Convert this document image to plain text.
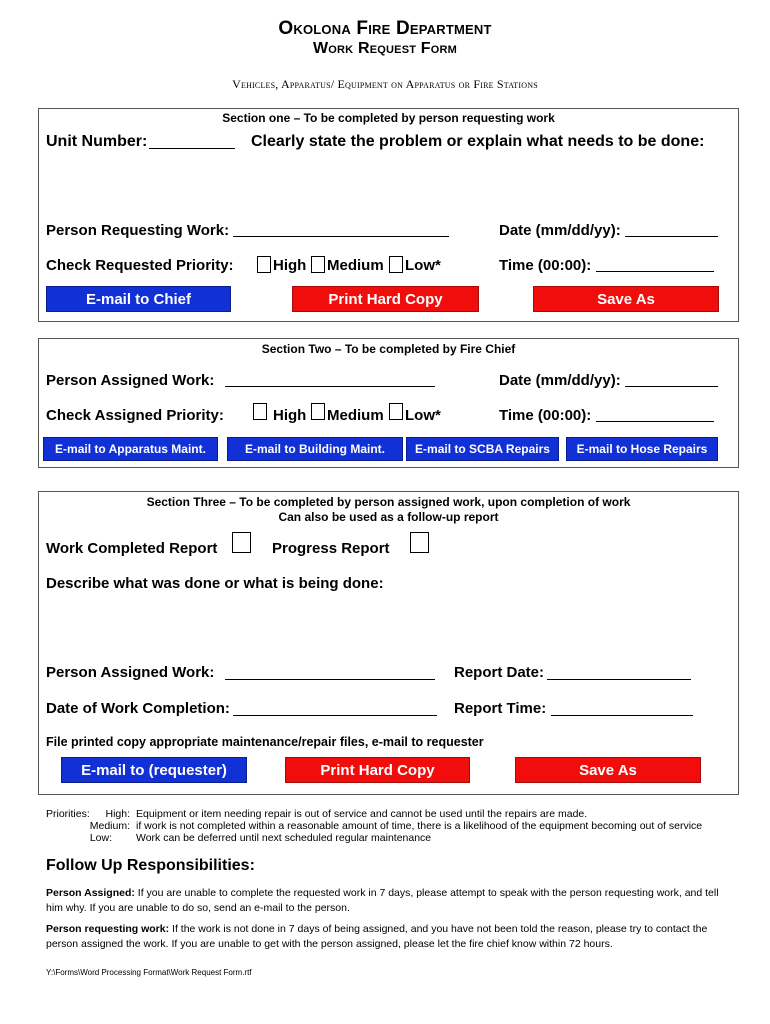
Okolona Fire Department
Work Request Form
Vehicles, Apparatus/ Equipment on Apparatus or Fire Stations
Section one – To be completed by person requesting work
Unit Number:	Clearly state the problem or explain what needs to be done:
Person Requesting Work:	Date (mm/dd/yy):
Check Requested Priority:	High Medium Low*	Time (00:00):
E-mail to Chief	Print Hard Copy	Save As
Section Two – To be completed by Fire Chief
Person Assigned Work:	Date (mm/dd/yy):
Check Assigned Priority:	High Medium Low*	Time (00:00):
E-mail to Apparatus Maint.	E-mail to Building Maint.	E-mail to SCBA Repairs	E-mail to Hose Repairs
Section Three – To be completed by person assigned work, upon completion of work
Can also be used as a follow-up report
Work Completed Report	Progress Report
Describe what was done or what is being done:
Person Assigned Work:	Report Date:
Date of Work Completion:	Report Time:
File printed copy appropriate maintenance/repair files, e-mail to requester
E-mail to (requester)	Print Hard Copy	Save As
Priorities:	High: Equipment or item needing repair is out of service and cannot be used until the repairs are made.
Medium: if work is not completed within a reasonable amount of time, there is a likelihood of the equipment becoming out of service
Low: Work can be deferred until next scheduled regular maintenance
Follow Up Responsibilities:
Person Assigned: If you are unable to complete the requested work in 7 days, please attempt to speak with the person requesting work, and tell him why. If you are unable to do so, send an e-mail to the person.
Person requesting work: If the work is not done in 7 days of being assigned, and you have not been told the reason, please try to contact the person assigned the work. If you are unable to get with the person assigned, please let the fire chief know within 72 hours.
Y:\Forms\Word Processing Format\Work Request Form.rtf
